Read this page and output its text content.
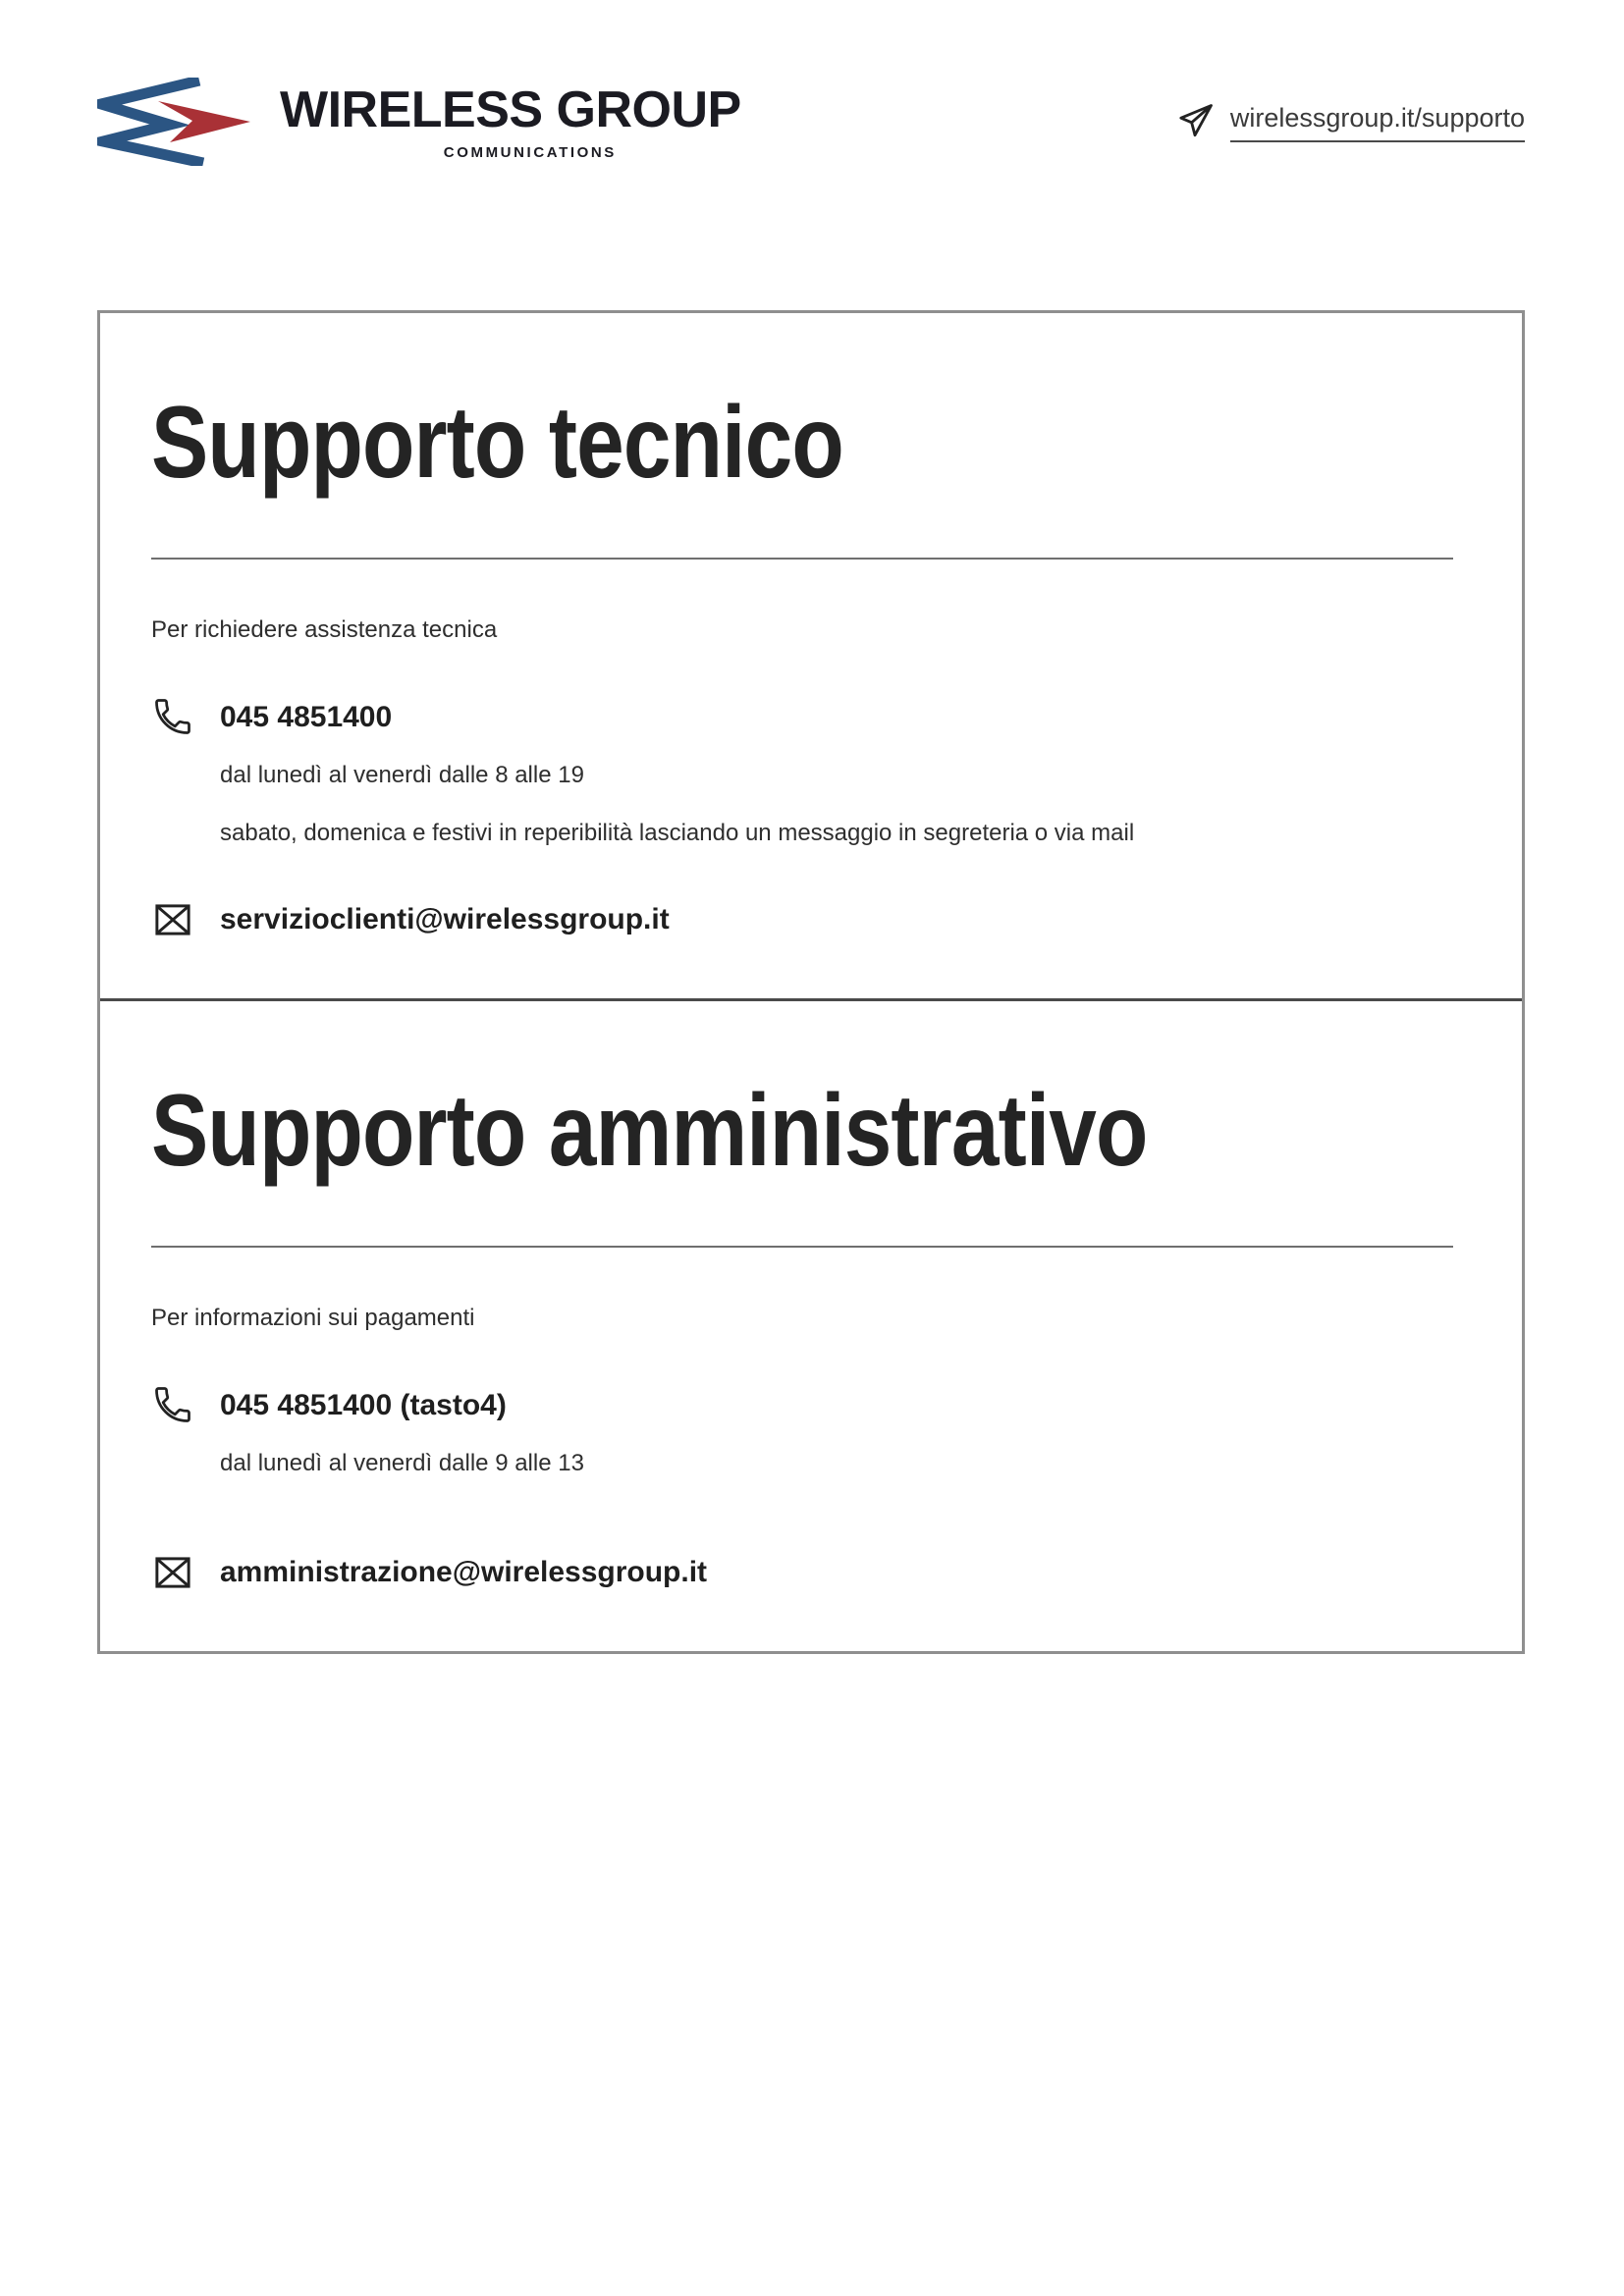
WIRELESS GROUP
COMMUNICATIONS
wirelessgroup.it/supporto
Supporto tecnico

Per richiedere assistenza tecnica

045 4851400
dal lunedì al venerdì dalle 8 alle 19
sabato, domenica e festivi in reperibilità lasciando un messaggio in segreteria o via mail
servizioclienti@wirelessgroup.it
Supporto amministrativo

Per informazioni sui pagamenti

045 4851400 (tasto4)
dal lunedì al venerdì dalle 9 alle 13
amministrazione@wirelessgroup.it
